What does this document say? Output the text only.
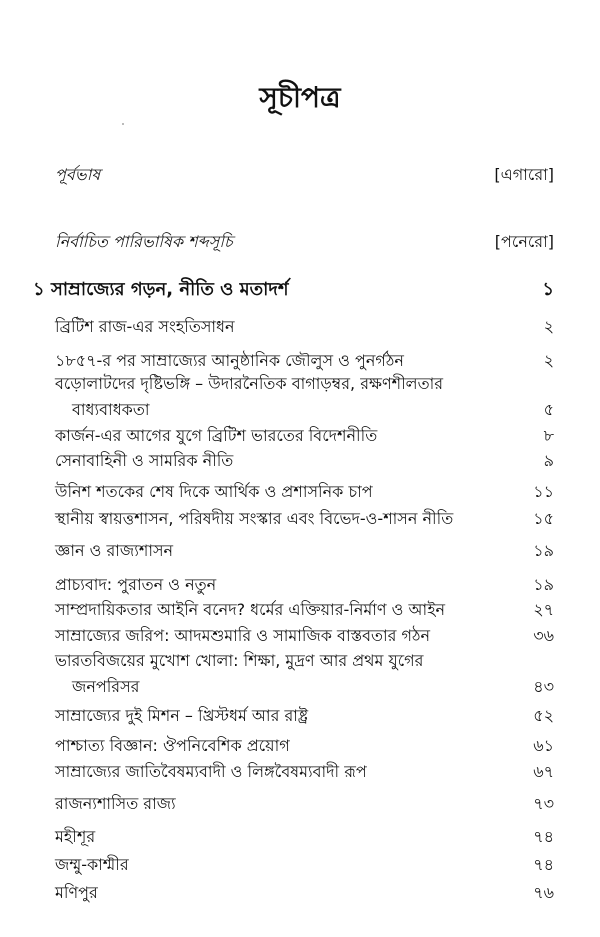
সূচীপত্র
পূর্বভাষ	[এগারো]
নির্বাচিত পারিভাষিক শব্দসূচি	[পনেরো]
১ সাম্রাজ্যের গড়ন, নীতি ও মতাদর্শ	১
ব্রিটিশ রাজ-এর সংহতিসাধন	২
১৮৫৭-র পর সাম্রাজ্যের আনুষ্ঠানিক জৌলুস ও পুনর্গঠন	২
বড়োলাটদের দৃষ্টিভঙ্গি – উদারনৈতিক বাগাড়ম্বর, রক্ষণশীলতার
বাধ্যবাধকতা	৫
কার্জন-এর আগের যুগে ব্রিটিশ ভারতের বিদেশনীতি	৮
সেনাবাহিনী ও সামরিক নীতি	৯
উনিশ শতকের শেষ দিকে আর্থিক ও প্রশাসনিক চাপ	১১
স্থানীয় স্বায়ত্তশাসন, পরিষদীয় সংস্কার এবং বিভেদ-ও-শাসন নীতি	১৫
জ্ঞান ও রাজ্যশাসন	১৯
প্রাচ্যবাদ: পুরাতন ও নতুন	১৯
সাম্প্রদায়িকতার আইনি বনেদ? ধর্মের এক্তিয়ার-নির্মাণ ও আইন	২৭
সাম্রাজ্যের জরিপ: আদমশুমারি ও সামাজিক বাস্তবতার গঠন	৩৬
ভারতবিজয়ের মুখোশ খোলা: শিক্ষা, মুদ্রণ আর প্রথম যুগের
জনপরিসর	৪৩
সাম্রাজ্যের দুই মিশন – খ্রিস্টধর্ম আর রাষ্ট্র	৫২
পাশ্চাত্য বিজ্ঞান: ঔপনিবেশিক প্রয়োগ	৬১
সাম্রাজ্যের জাতিবৈষম্যবাদী ও লিঙ্গবৈষম্যবাদী রূপ	৬৭
রাজন্যশাসিত রাজ্য	৭৩
মহীশূর	৭৪
জম্মু-কাশ্মীর	৭৪
মণিপুর	৭৬
